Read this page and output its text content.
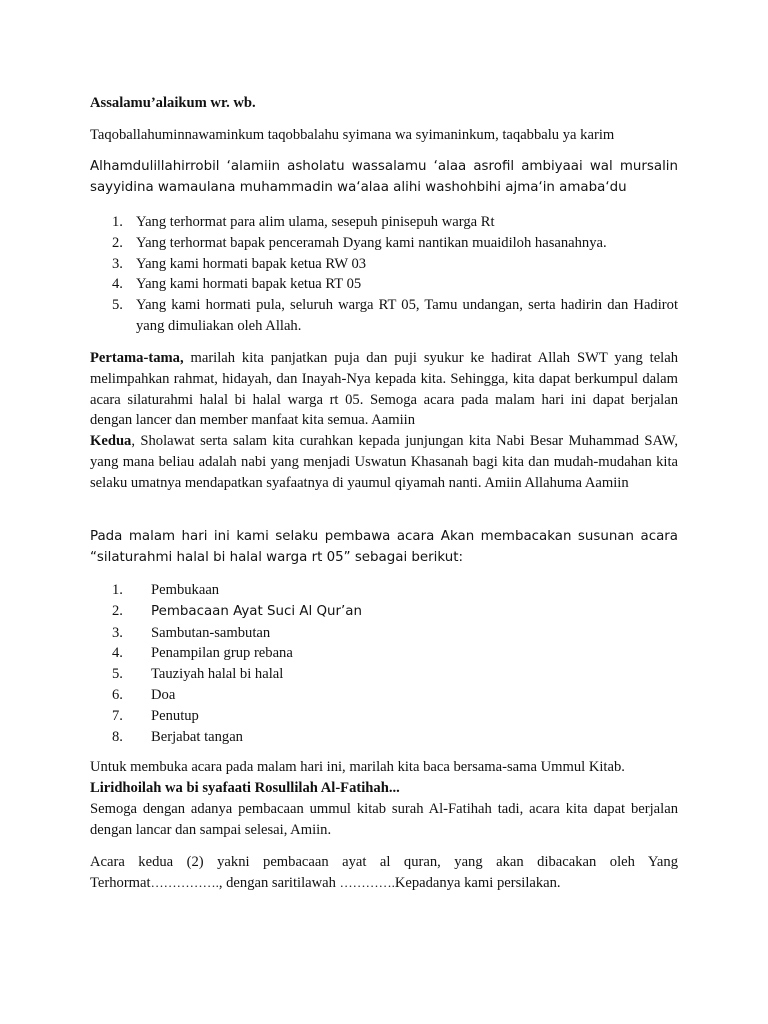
Assalamu’alaikum wr. wb.

Taqoballahuminnawaminkum taqobbalahu syimana wa syimaninkum, taqabbalu ya karim

Alhamdulillahirrobil ‘alamiin asholatu wassalamu ‘alaa asrofil ambiyaai wal mursalin sayyidina wamaulana muhammadin wa‘alaa alihi washohbihi ajma‘in amaba‘du

1. Yang terhormat para alim ulama, sesepuh pinisepuh warga Rt
2. Yang terhormat bapak penceramah Dyang kami nantikan muaidiloh hasanahnya.
3. Yang kami hormati bapak ketua RW 03
4. Yang kami hormati bapak ketua RT 05
5. Yang kami hormati pula, seluruh warga RT 05, Tamu undangan, serta hadirin dan Hadirot yang dimuliakan oleh Allah.

Pertama-tama, marilah kita panjatkan puja dan puji syukur ke hadirat Allah SWT yang telah melimpahkan rahmat, hidayah, dan Inayah-Nya kepada kita. Sehingga, kita dapat berkumpul dalam acara silaturahmi halal bi halal warga rt 05. Semoga acara pada malam hari ini dapat berjalan dengan lancer dan member manfaat kita semua. Aamiin

Kedua, Sholawat serta salam kita curahkan kepada junjungan kita Nabi Besar Muhammad SAW, yang mana beliau adalah nabi yang menjadi Uswatun Khasanah bagi kita dan mudah-mudahan kita selaku umatnya mendapatkan syafaatnya di yaumul qiyamah nanti. Amiin Allahuma Aamiin

Pada malam hari ini kami selaku pembawa acara Akan membacakan susunan acara “silaturahmi halal bi halal warga rt 05” sebagai berikut:

1. Pembukaan
2. Pembacaan Ayat Suci Al Qur’an
3. Sambutan-sambutan
4. Penampilan grup rebana
5. Tauziyah halal bi halal
6. Doa
7. Penutup
8. Berjabat tangan

Untuk membuka acara pada malam hari ini, marilah kita baca bersama-sama Ummul Kitab.

Liridhoilah wa bi syafaati Rosullilah Al-Fatihah...

Semoga dengan adanya pembacaan ummul kitab surah Al-Fatihah tadi, acara kita dapat berjalan dengan lancar dan sampai selesai, Amiin.

Acara kedua (2) yakni pembacaan ayat al quran, yang akan dibacakan oleh Yang Terhormat……………., dengan saritilawah ………….Kepadanya kami persilakan.
